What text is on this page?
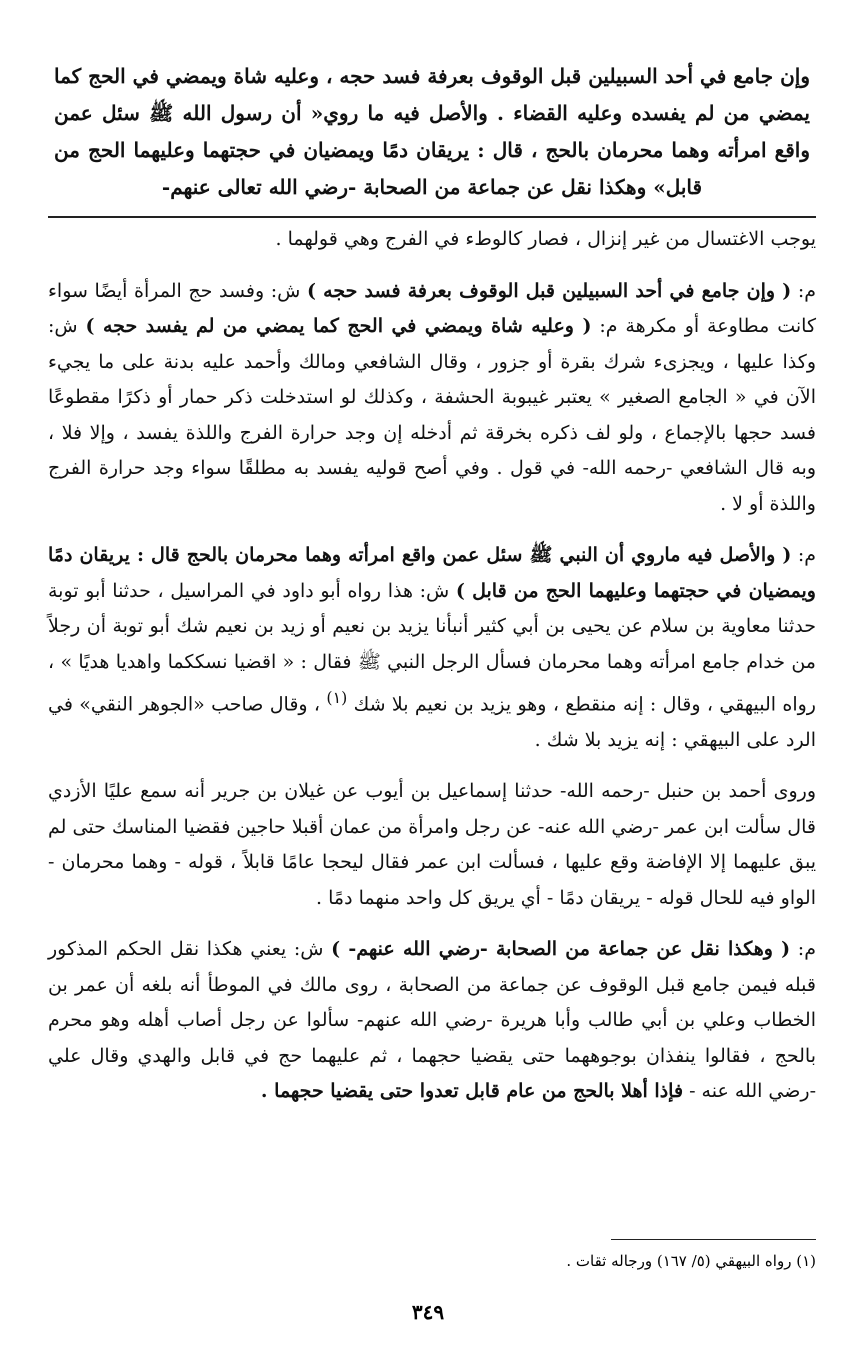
وإن جامع في أحد السبيلين قبل الوقوف بعرفة فسد حجه ، وعليه شاة ويمضي في الحج كما يمضي من لم يفسده وعليه القضاء . والأصل فيه ما روي« أن رسول الله ﷺ سئل عمن واقع امرأته وهما محرمان بالحج ، قال : يريقان دمًا ويمضيان في حجتهما وعليهما الحج من قابل» وهكذا نقل عن جماعة من الصحابة -رضي الله تعالى عنهم-

يوجب الاغتسال من غير إنزال ، فصار كالوطء في الفرج وهي قولهما .

م: ( وإن جامع في أحد السبيلين قبل الوقوف بعرفة فسد حجه ) ش: وفسد حج المرأة أيضًا سواء كانت مطاوعة أو مكرهة م: ( وعليه شاة ويمضي في الحج كما يمضي من لم يفسد حجه ) ش: وكذا عليها ، ويجزىء شرك بقرة أو جزور ، وقال الشافعي ومالك وأحمد عليه بدنة على ما يجيء الآن في « الجامع الصغير » يعتبر غيبوبة الحشفة ، وكذلك لو استدخلت ذكر حمار أو ذكرًا مقطوعًا فسد حجها بالإجماع ، ولو لف ذكره بخرقة ثم أدخله إن وجد حرارة الفرج واللذة يفسد ، وإلا فلا ، وبه قال الشافعي -رحمه الله- في قول . وفي أصح قوليه يفسد به مطلقًا سواء وجد حرارة الفرج واللذة أو لا .

م: ( والأصل فيه ماروي أن النبي ﷺ سئل عمن واقع امرأته وهما محرمان بالحج قال : يريقان دمًا ويمضيان في حجتهما وعليهما الحج من قابل ) ش: هذا رواه أبو داود في المراسيل ، حدثنا أبو توبة حدثنا معاوية بن سلام عن يحيى بن أبي كثير أنبأنا يزيد بن نعيم أو زيد بن نعيم شك أبو توبة أن رجلاً من خدام جامع امرأته وهما محرمان فسأل الرجل النبي ﷺ فقال : « اقضيا نسككما واهديا هديًا » ، رواه البيهقي ، وقال : إنه منقطع ، وهو يزيد بن نعيم بلا شك $^{(١)}$ ، وقال صاحب «الجوهر النقي» في الرد على البيهقي : إنه يزيد بلا شك .

وروى أحمد بن حنبل -رحمه الله- حدثنا إسماعيل بن أيوب عن غيلان بن جرير أنه سمع عليًا الأزدي قال سألت ابن عمر -رضي الله عنه- عن رجل وامرأة من عمان أقبلا حاجين فقضيا المناسك حتى لم يبق عليهما إلا الإفاضة وقع عليها ، فسألت ابن عمر فقال ليحجا عامًا قابلاً ، قوله - وهما محرمان - الواو فيه للحال قوله - يريقان دمًا - أي يريق كل واحد منهما دمًا .

م: ( وهكذا نقل عن جماعة من الصحابة -رضي الله عنهم- ) ش: يعني هكذا نقل الحكم المذكور قبله فيمن جامع قبل الوقوف عن جماعة من الصحابة ، روى مالك في الموطأ أنه بلغه أن عمر بن الخطاب وعلي بن أبي طالب وأبا هريرة -رضي الله عنهم- سألوا عن رجل أصاب أهله وهو محرم بالحج ، فقالوا ينفذان بوجوههما حتى يقضيا حجهما ، ثم عليهما حج في قابل والهدي وقال علي -رضي الله عنه - فإذا أهلا بالحج من عام قابل تعدوا حتى يقضيا حجهما .

(١) رواه البيهقي (٥/ ١٦٧) ورجاله ثقات .
٣٤٩
